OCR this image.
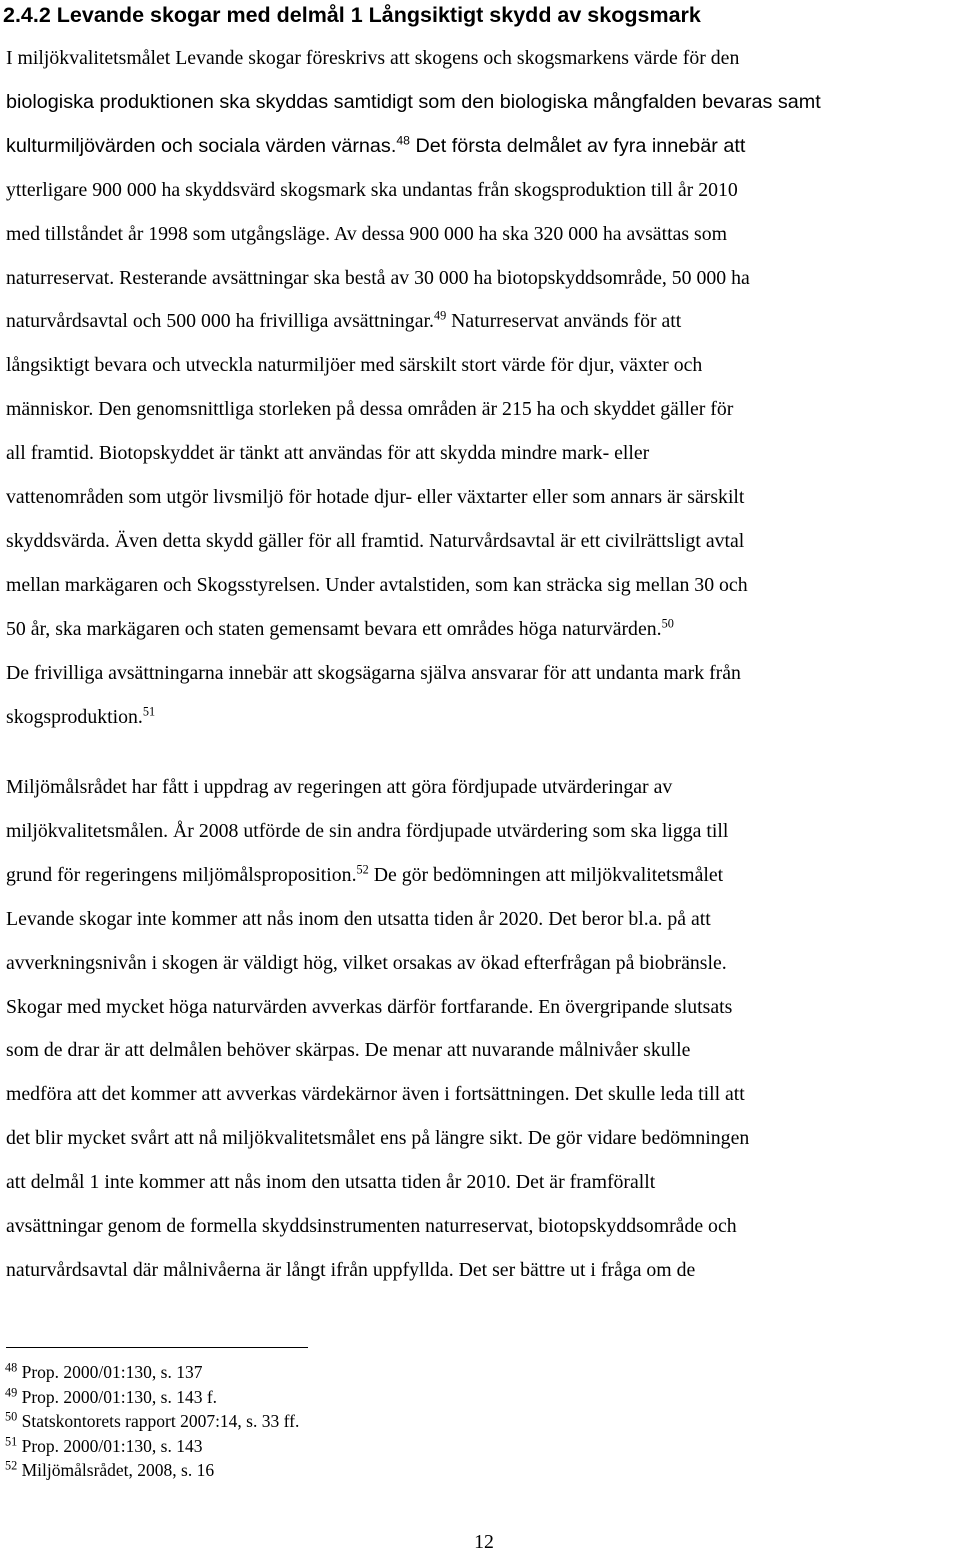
2.4.2 Levande skogar med delmål 1 Långsiktigt skydd av skogsmark

I miljökvalitetsmålet Levande skogar föreskrivs att skogens och skogsmarkens värde för den
biologiska produktionen ska skyddas samtidigt som den biologiska mångfalden bevaras samt
kulturmiljövärden och sociala värden värnas.$^{48}$ Det första delmålet av fyra innebär att
ytterligare 900 000 ha skyddsvärd skogsmark ska undantas från skogsproduktion till år 2010
med tillståndet år 1998 som utgångsläge. Av dessa 900 000 ha ska 320 000 ha avsättas som
naturreservat. Resterande avsättningar ska bestå av 30 000 ha biotopskyddsområde, 50 000 ha
naturvårdsavtal och 500 000 ha frivilliga avsättningar.$^{49}$ Naturreservat används för att
långsiktigt bevara och utveckla naturmiljöer med särskilt stort värde för djur, växter och
människor. Den genomsnittliga storleken på dessa områden är 215 ha och skyddet gäller för
all framtid. Biotopskyddet är tänkt att användas för att skydda mindre mark- eller
vattenområden som utgör livsmiljö för hotade djur- eller växtarter eller som annars är särskilt
skyddsvärda. Även detta skydd gäller för all framtid. Naturvårdsavtal är ett civilrättsligt avtal
mellan markägaren och Skogsstyrelsen. Under avtalstiden, som kan sträcka sig mellan 30 och
50 år, ska markägaren och staten gemensamt bevara ett områdes höga naturvärden.$^{50}$
De frivilliga avsättningarna innebär att skogsägarna själva ansvarar för att undanta mark från
skogsproduktion.$^{51}$

Miljömålsrådet har fått i uppdrag av regeringen att göra fördjupade utvärderingar av
miljökvalitetsmålen. År 2008 utförde de sin andra fördjupade utvärdering som ska ligga till
grund för regeringens miljömålsproposition.$^{52}$ De gör bedömningen att miljökvalitetsmålet
Levande skogar inte kommer att nås inom den utsatta tiden år 2020. Det beror bl.a. på att
avverkningsnivån i skogen är väldigt hög, vilket orsakas av ökad efterfrågan på biobränsle.
Skogar med mycket höga naturvärden avverkas därför fortfarande. En övergripande slutsats
som de drar är att delmålen behöver skärpas. De menar att nuvarande målnivåer skulle
medföra att det kommer att avverkas värdekärnor även i fortsättningen. Det skulle leda till att
det blir mycket svårt att nå miljökvalitetsmålet ens på längre sikt. De gör vidare bedömningen
att delmål 1 inte kommer att nås inom den utsatta tiden år 2010. Det är framförallt
avsättningar genom de formella skyddsinstrumenten naturreservat, biotopskyddsområde och
naturvårdsavtal där målnivåerna är långt ifrån uppfyllda. Det ser bättre ut i fråga om de

$^{48}$ Prop. 2000/01:130, s. 137
$^{49}$ Prop. 2000/01:130, s. 143 f.
$^{50}$ Statskontorets rapport 2007:14, s. 33 ff.
$^{51}$ Prop. 2000/01:130, s. 143
$^{52}$ Miljömålsrådet, 2008, s. 16
12
